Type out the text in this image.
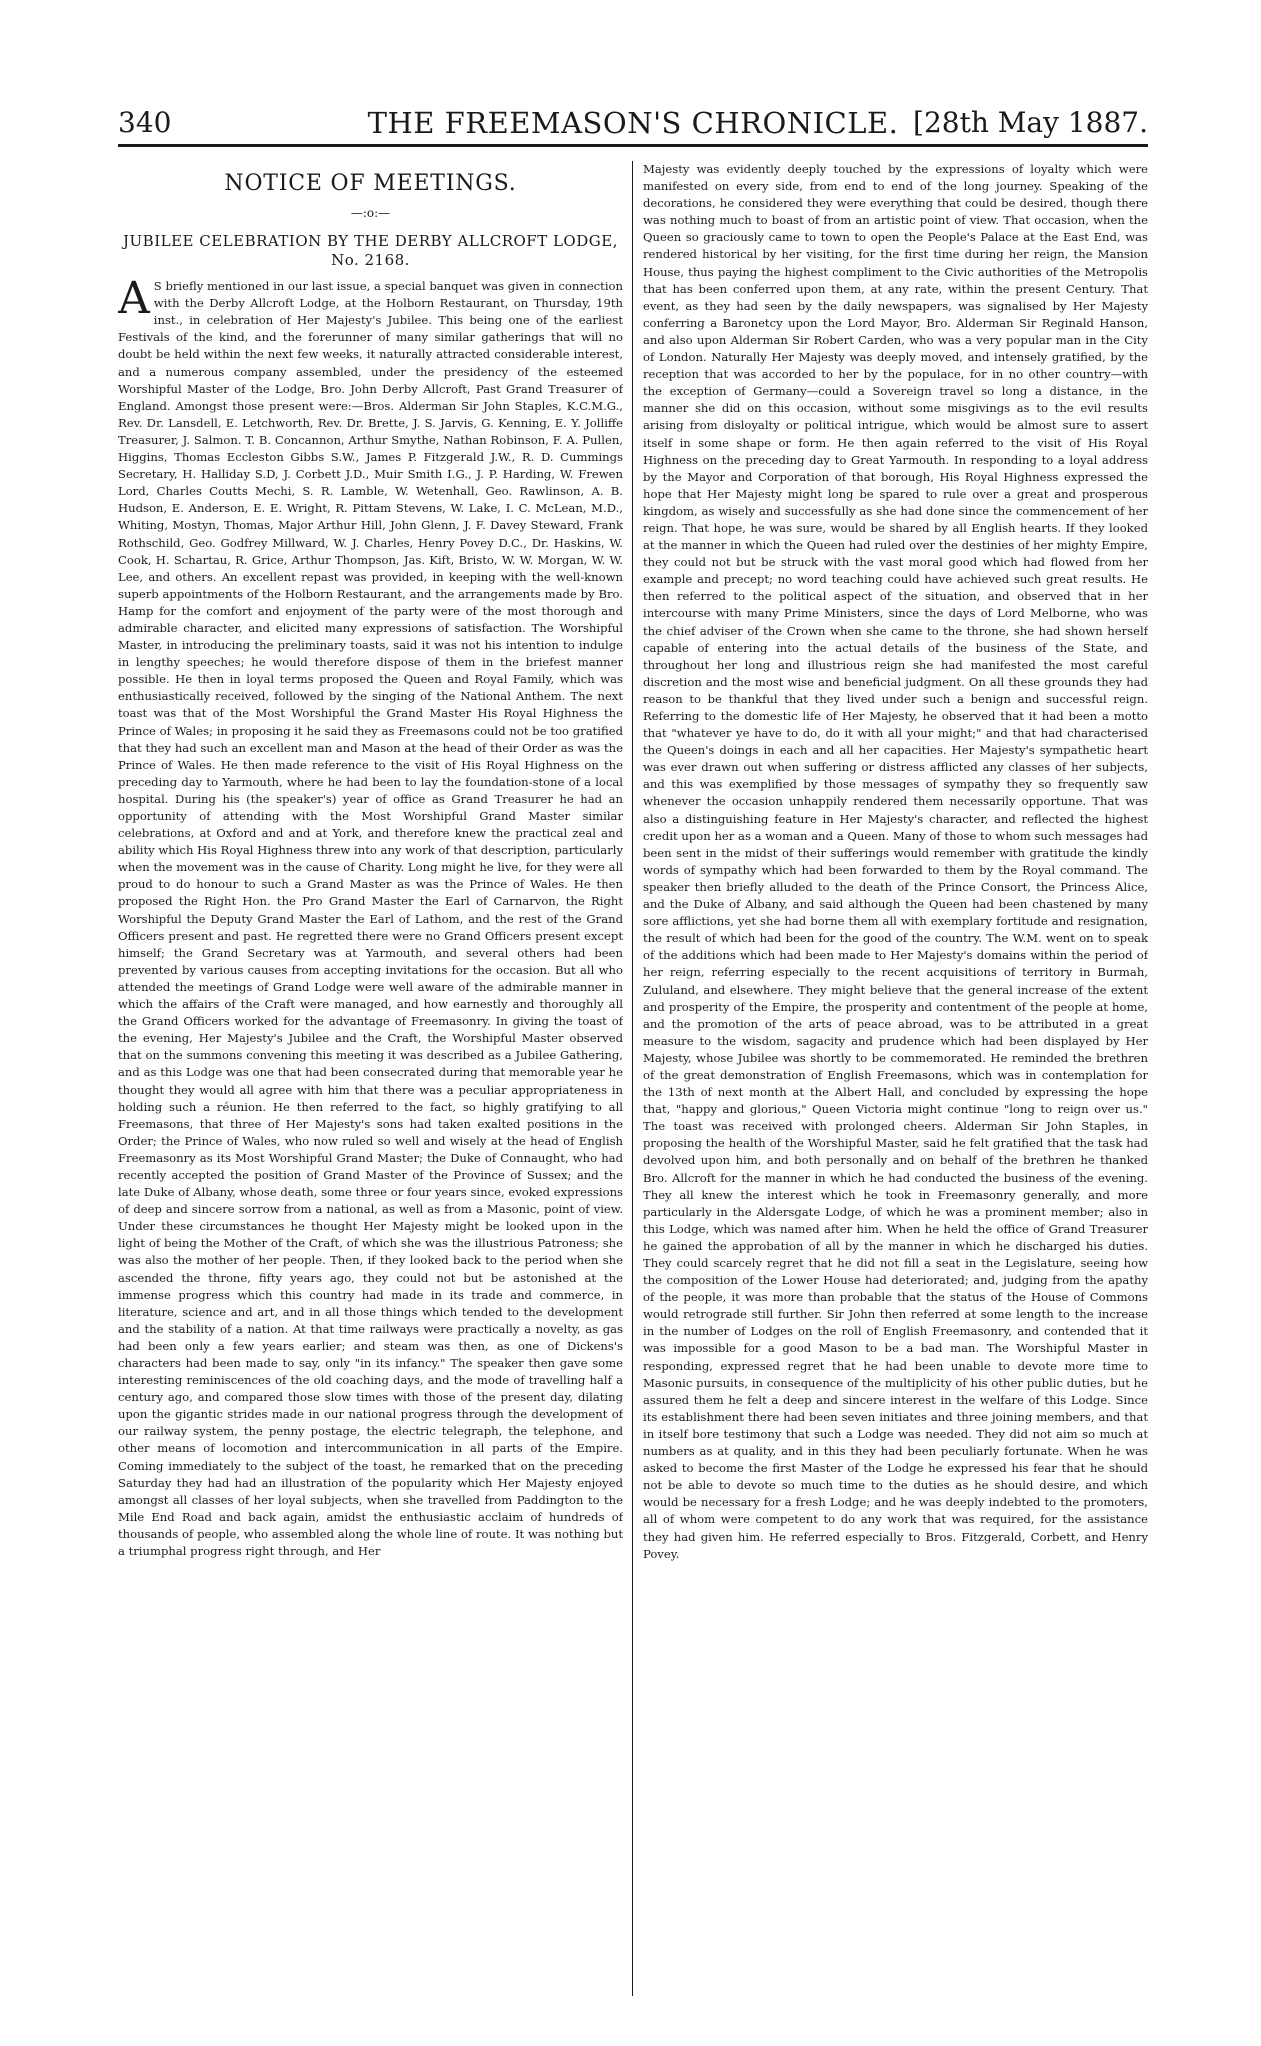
340	THE FREEMASON'S CHRONICLE. [28th May 1887.
NOTICE OF MEETINGS.
—:o:—
JUBILEE CELEBRATION BY THE DERBY ALLCROFT LODGE, No. 2168.

A S briefly mentioned in our last issue, a special banquet was given in connection with the Derby Allcroft Lodge, at the Holborn Restaurant, on Thursday, 19th inst., in celebration of Her Majesty's Jubilee. This being one of the earliest Festivals of the kind, and the forerunner of many similar gatherings that will no doubt be held within the next few weeks, it naturally attracted considerable interest, and a numerous company assembled, under the presidency of the esteemed Worshipful Master of the Lodge, Bro. John Derby Allcroft, Past Grand Treasurer of England. Amongst those present were:—Bros. Alderman Sir John Staples, K.C.M.G., Rev. Dr. Lansdell, E. Letchworth, Rev. Dr. Brette, J. S. Jarvis, G. Kenning, E. Y. Jolliffe Treasurer, J. Salmon. T. B. Concannon, Arthur Smythe, Nathan Robinson, F. A. Pullen, Higgins, Thomas Eccleston Gibbs S.W., James P. Fitzgerald J.W., R. D. Cummings Secretary, H. Halliday S.D, J. Corbett J.D., Muir Smith I.G., J. P. Harding, W. Frewen Lord, Charles Coutts Mechi, S. R. Lamble, W. Wetenhall, Geo. Rawlinson, A. B. Hudson, E. Anderson, E. E. Wright, R. Pittam Stevens, W. Lake, I. C. McLean, M.D., Whiting, Mostyn, Thomas, Major Arthur Hill, John Glenn, J. F. Davey Steward, Frank Rothschild, Geo. Godfrey Millward, W. J. Charles, Henry Povey D.C., Dr. Haskins, W. Cook, H. Schartau, R. Grice, Arthur Thompson, Jas. Kift, Bristo, W. W. Morgan, W. W. Lee, and others. An excellent repast was provided, in keeping with the well-known superb appointments of the Holborn Restaurant, and the arrangements made by Bro. Hamp for the comfort and enjoyment of the party were of the most thorough and admirable character, and elicited many expressions of satisfaction. The Worshipful Master, in introducing the preliminary toasts, said it was not his intention to indulge in lengthy speeches; he would therefore dispose of them in the briefest manner possible. He then in loyal terms proposed the Queen and Royal Family, which was enthusiastically received, followed by the singing of the National Anthem. The next toast was that of the Most Worshipful the Grand Master His Royal Highness the Prince of Wales; in proposing it he said they as Freemasons could not be too gratified that they had such an excellent man and Mason at the head of their Order as was the Prince of Wales. He then made reference to the visit of His Royal Highness on the preceding day to Yarmouth, where he had been to lay the foundation-stone of a local hospital. During his (the speaker's) year of office as Grand Treasurer he had an opportunity of attending with the Most Worshipful Grand Master similar celebrations, at Oxford and and at York, and therefore knew the practical zeal and ability which His Royal Highness threw into any work of that description, particularly when the movement was in the cause of Charity. Long might he live, for they were all proud to do honour to such a Grand Master as was the Prince of Wales. He then proposed the Right Hon. the Pro Grand Master the Earl of Carnarvon, the Right Worshipful the Deputy Grand Master the Earl of Lathom, and the rest of the Grand Officers present and past. He regretted there were no Grand Officers present except himself; the Grand Secretary was at Yarmouth, and several others had been prevented by various causes from accepting invitations for the occasion. But all who attended the meetings of Grand Lodge were well aware of the admirable manner in which the affairs of the Craft were managed, and how earnestly and thoroughly all the Grand Officers worked for the advantage of Freemasonry. In giving the toast of the evening, Her Majesty's Jubilee and the Craft, the Worshipful Master observed that on the summons convening this meeting it was described as a Jubilee Gathering, and as this Lodge was one that had been consecrated during that memorable year he thought they would all agree with him that there was a peculiar appropriateness in holding such a réunion. He then referred to the fact, so highly gratifying to all Freemasons, that three of Her Majesty's sons had taken exalted positions in the Order; the Prince of Wales, who now ruled so well and wisely at the head of English Freemasonry as its Most Worshipful Grand Master; the Duke of Connaught, who had recently accepted the position of Grand Master of the Province of Sussex; and the late Duke of Albany, whose death, some three or four years since, evoked expressions of deep and sincere sorrow from a national, as well as from a Masonic, point of view. Under these circumstances he thought Her Majesty might be looked upon in the light of being the Mother of the Craft, of which she was the illustrious Patroness; she was also the mother of her people. Then, if they looked back to the period when she ascended the throne, fifty years ago, they could not but be astonished at the immense progress which this country had made in its trade and commerce, in literature, science and art, and in all those things which tended to the development and the stability of a nation. At that time railways were practically a novelty, as gas had been only a few years earlier; and steam was then, as one of Dickens's characters had been made to say, only "in its infancy." The speaker then gave some interesting reminiscences of the old coaching days, and the mode of travelling half a century ago, and compared those slow times with those of the present day, dilating upon the gigantic strides made in our national progress through the development of our railway system, the penny postage, the electric telegraph, the telephone, and other means of locomotion and intercommunication in all parts of the Empire. Coming immediately to the subject of the toast, he remarked that on the preceding Saturday they had had an illustration of the popularity which Her Majesty enjoyed amongst all classes of her loyal subjects, when she travelled from Paddington to the Mile End Road and back again, amidst the enthusiastic acclaim of hundreds of thousands of people, who assembled along the whole line of route. It was nothing but a triumphal progress right through, and Her

Majesty was evidently deeply touched by the expressions of loyalty which were manifested on every side, from end to end of the long journey. Speaking of the decorations, he considered they were everything that could be desired, though there was nothing much to boast of from an artistic point of view. That occasion, when the Queen so graciously came to town to open the People's Palace at the East End, was rendered historical by her visiting, for the first time during her reign, the Mansion House, thus paying the highest compliment to the Civic authorities of the Metropolis that has been conferred upon them, at any rate, within the present Century. That event, as they had seen by the daily newspapers, was signalised by Her Majesty conferring a Baronetcy upon the Lord Mayor, Bro. Alderman Sir Reginald Hanson, and also upon Alderman Sir Robert Carden, who was a very popular man in the City of London. Naturally Her Majesty was deeply moved, and intensely gratified, by the reception that was accorded to her by the populace, for in no other country—with the exception of Germany—could a Sovereign travel so long a distance, in the manner she did on this occasion, without some misgivings as to the evil results arising from disloyalty or political intrigue, which would be almost sure to assert itself in some shape or form. He then again referred to the visit of His Royal Highness on the preceding day to Great Yarmouth. In responding to a loyal address by the Mayor and Corporation of that borough, His Royal Highness expressed the hope that Her Majesty might long be spared to rule over a great and prosperous kingdom, as wisely and successfully as she had done since the commencement of her reign. That hope, he was sure, would be shared by all English hearts. If they looked at the manner in which the Queen had ruled over the destinies of her mighty Empire, they could not but be struck with the vast moral good which had flowed from her example and precept; no word teaching could have achieved such great results. He then referred to the political aspect of the situation, and observed that in her intercourse with many Prime Ministers, since the days of Lord Melborne, who was the chief adviser of the Crown when she came to the throne, she had shown herself capable of entering into the actual details of the business of the State, and throughout her long and illustrious reign she had manifested the most careful discretion and the most wise and beneficial judgment. On all these grounds they had reason to be thankful that they lived under such a benign and successful reign. Referring to the domestic life of Her Majesty, he observed that it had been a motto that "whatever ye have to do, do it with all your might;" and that had characterised the Queen's doings in each and all her capacities. Her Majesty's sympathetic heart was ever drawn out when suffering or distress afflicted any classes of her subjects, and this was exemplified by those messages of sympathy they so frequently saw whenever the occasion unhappily rendered them necessarily opportune. That was also a distinguishing feature in Her Majesty's character, and reflected the highest credit upon her as a woman and a Queen. Many of those to whom such messages had been sent in the midst of their sufferings would remember with gratitude the kindly words of sympathy which had been forwarded to them by the Royal command. The speaker then briefly alluded to the death of the Prince Consort, the Princess Alice, and the Duke of Albany, and said although the Queen had been chastened by many sore afflictions, yet she had borne them all with exemplary fortitude and resignation, the result of which had been for the good of the country. The W.M. went on to speak of the additions which had been made to Her Majesty's domains within the period of her reign, referring especially to the recent acquisitions of territory in Burmah, Zululand, and elsewhere. They might believe that the general increase of the extent and prosperity of the Empire, the prosperity and contentment of the people at home, and the promotion of the arts of peace abroad, was to be attributed in a great measure to the wisdom, sagacity and prudence which had been displayed by Her Majesty, whose Jubilee was shortly to be commemorated. He reminded the brethren of the great demonstration of English Freemasons, which was in contemplation for the 13th of next month at the Albert Hall, and concluded by expressing the hope that, "happy and glorious," Queen Victoria might continue "long to reign over us." The toast was received with prolonged cheers. Alderman Sir John Staples, in proposing the health of the Worshipful Master, said he felt gratified that the task had devolved upon him, and both personally and on behalf of the brethren he thanked Bro. Allcroft for the manner in which he had conducted the business of the evening. They all knew the interest which he took in Freemasonry generally, and more particularly in the Aldersgate Lodge, of which he was a prominent member; also in this Lodge, which was named after him. When he held the office of Grand Treasurer he gained the approbation of all by the manner in which he discharged his duties. They could scarcely regret that he did not fill a seat in the Legislature, seeing how the composition of the Lower House had deteriorated; and, judging from the apathy of the people, it was more than probable that the status of the House of Commons would retrograde still further. Sir John then referred at some length to the increase in the number of Lodges on the roll of English Freemasonry, and contended that it was impossible for a good Mason to be a bad man. The Worshipful Master in responding, expressed regret that he had been unable to devote more time to Masonic pursuits, in consequence of the multiplicity of his other public duties, but he assured them he felt a deep and sincere interest in the welfare of this Lodge. Since its establishment there had been seven initiates and three joining members, and that in itself bore testimony that such a Lodge was needed. They did not aim so much at numbers as at quality, and in this they had been peculiarly fortunate. When he was asked to become the first Master of the Lodge he expressed his fear that he should not be able to devote so much time to the duties as he should desire, and which would be necessary for a fresh Lodge; and he was deeply indebted to the promoters, all of whom were competent to do any work that was required, for the assistance they had given him. He referred especially to Bros. Fitzgerald, Corbett, and Henry Povey.
